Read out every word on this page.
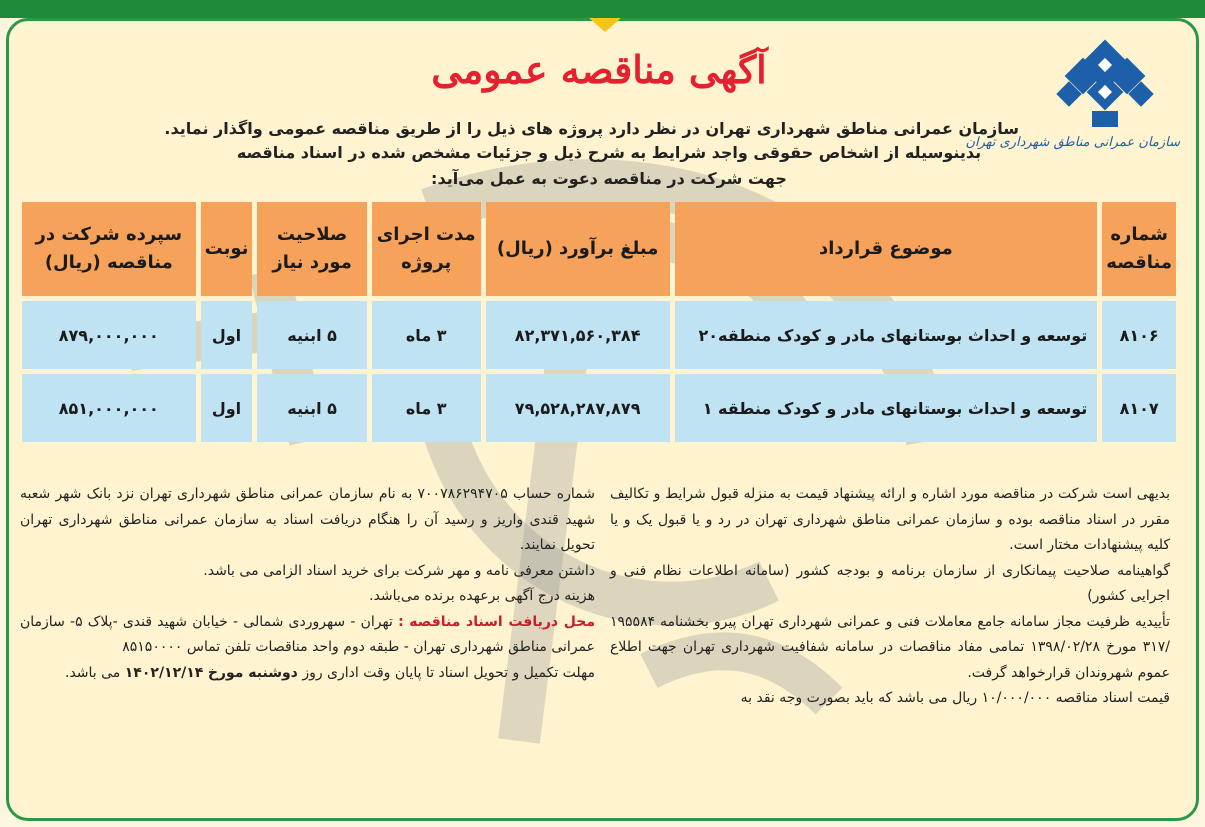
سازمان عمرانی مناطق شهرداری تهران
آگهی مناقصه عمومی
سازمان عمرانی مناطق شهرداری تهران در نظر دارد پروژه های ذیل را از طریق مناقصه عمومی واگذار نماید.
بدینوسیله از اشخاص حقوقی واجد شرایط به شرح ذیل و جزئیات مشخص شده در اسناد مناقصه
جهت شرکت در مناقصه دعوت به عمل می‌آید:
شماره مناقصه	موضوع قرارداد	مبلغ برآورد (ریال)	مدت اجرای پروژه	صلاحیت مورد نیاز	نوبت	سپرده شرکت در مناقصه (ریال)
۸۱۰۶	توسعه و احداث بوستانهای مادر و کودک منطقه۲۰	۸۲,۳۷۱,۵۶۰,۳۸۴	۳ ماه	۵ ابنیه	اول	۸۷۹,۰۰۰,۰۰۰
۸۱۰۷	توسعه و احداث بوستانهای مادر و کودک منطقه ۱	۷۹,۵۲۸,۲۸۷,۸۷۹	۳ ماه	۵ ابنیه	اول	۸۵۱,۰۰۰,۰۰۰
بدیهی است شرکت در مناقصه مورد اشاره و ارائه پیشنهاد قیمت به منزله قبول شرایط و تکالیف مقرر در اسناد مناقصه بوده و سازمان عمرانی مناطق شهرداری تهران در رد و یا قبول یک و یا کلیه پیشنهادات مختار است.
گواهینامه صلاحیت پیمانکاری از سازمان برنامه و بودجه کشور (سامانه اطلاعات نظام فنی و اجرایی کشور)
تأییدیه ظرفیت مجاز سامانه جامع معاملات فنی و عمرانی شهرداری تهران پیرو بخشنامه ۱۹۵۵۸۴ /۳۱۷ مورخ ۱۳۹۸/۰۲/۲۸ تمامی مفاد مناقصات در سامانه شفافیت شهرداری تهران جهت اطلاع عموم شهروندان قرارخواهد گرفت.
قیمت اسناد مناقصه ۱۰/۰۰۰/۰۰۰ ریال می باشد که باید بصورت وجه نقد به
شماره حساب ۷۰۰۷۸۶۲۹۴۷۰۵ به نام سازمان عمرانی مناطق شهرداری تهران نزد بانک شهر شعبه شهید قندی واریز و رسید آن را هنگام دریافت اسناد به سازمان عمرانی مناطق شهرداری تهران تحویل نمایند.
داشتن معرفی نامه و مهر شرکت برای خرید اسناد الزامی می باشد.
هزینه درج آگهی برعهده برنده می‌باشد.
محل دریافت اسناد مناقصه : تهران - سهروردی شمالی - خیابان شهید قندی -پلاک ۵- سازمان عمرانی مناطق شهرداری تهران - طبقه دوم واحد مناقصات تلفن تماس ۸۵۱۵۰۰۰۰
مهلت تکمیل و تحویل اسناد تا پایان وقت اداری روز دوشنبه مورخ ۱۴۰۲/۱۲/۱۴ می باشد.
